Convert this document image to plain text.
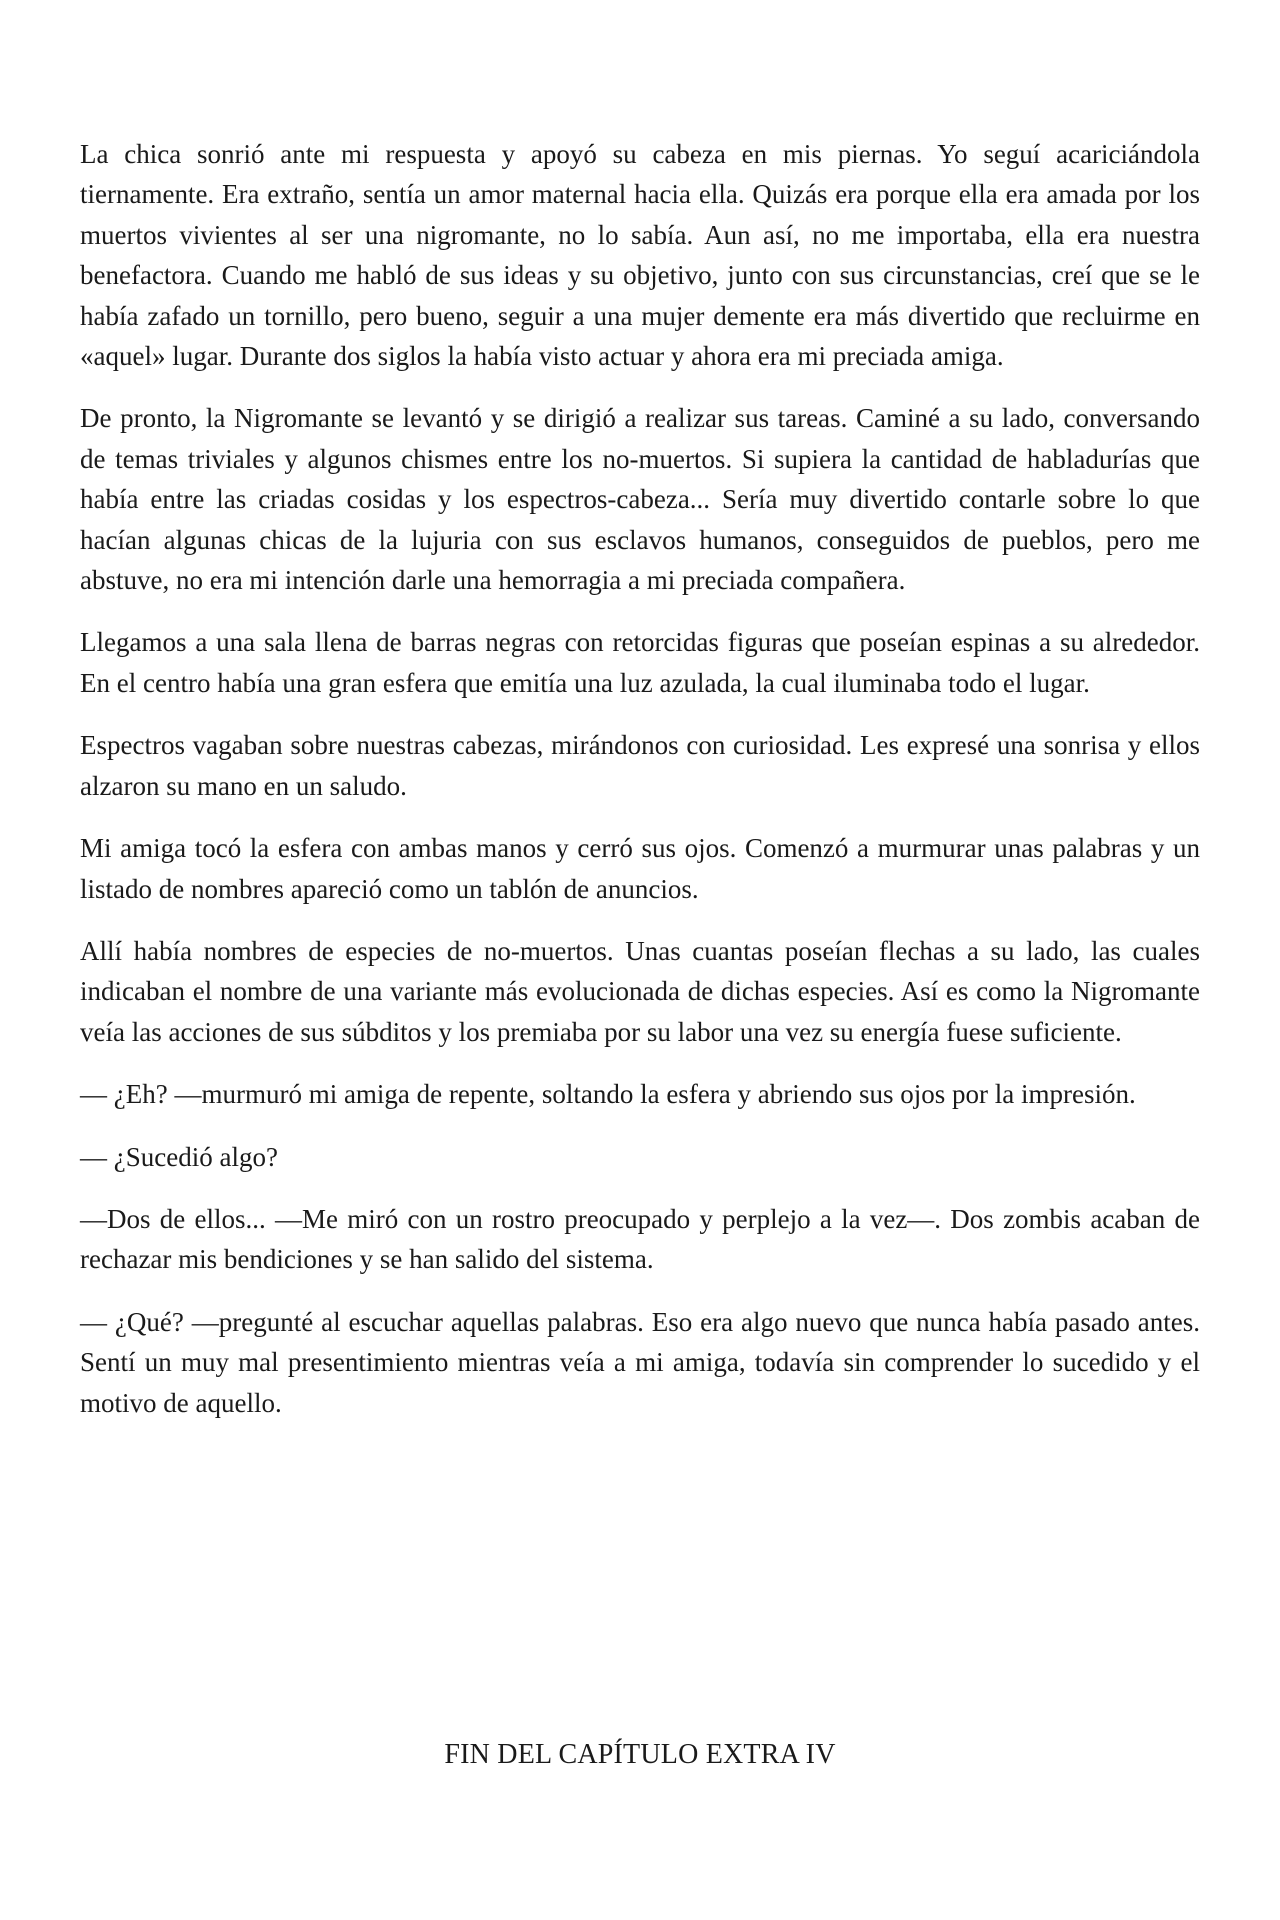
La chica sonrió ante mi respuesta y apoyó su cabeza en mis piernas. Yo seguí acariciándola tiernamente. Era extraño, sentía un amor maternal hacia ella. Quizás era porque ella era amada por los muertos vivientes al ser una nigromante, no lo sabía. Aun así, no me importaba, ella era nuestra benefactora. Cuando me habló de sus ideas y su objetivo, junto con sus circunstancias, creí que se le había zafado un tornillo, pero bueno, seguir a una mujer demente era más divertido que recluirme en «aquel» lugar. Durante dos siglos la había visto actuar y ahora era mi preciada amiga.

De pronto, la Nigromante se levantó y se dirigió a realizar sus tareas. Caminé a su lado, conversando de temas triviales y algunos chismes entre los no-muertos. Si supiera la cantidad de habladurías que había entre las criadas cosidas y los espectros-cabeza... Sería muy divertido contarle sobre lo que hacían algunas chicas de la lujuria con sus esclavos humanos, conseguidos de pueblos, pero me abstuve, no era mi intención darle una hemorragia a mi preciada compañera.

Llegamos a una sala llena de barras negras con retorcidas figuras que poseían espinas a su alrededor. En el centro había una gran esfera que emitía una luz azulada, la cual iluminaba todo el lugar.

Espectros vagaban sobre nuestras cabezas, mirándonos con curiosidad. Les expresé una sonrisa y ellos alzaron su mano en un saludo.

Mi amiga tocó la esfera con ambas manos y cerró sus ojos. Comenzó a murmurar unas palabras y un listado de nombres apareció como un tablón de anuncios.

Allí había nombres de especies de no-muertos. Unas cuantas poseían flechas a su lado, las cuales indicaban el nombre de una variante más evolucionada de dichas especies. Así es como la Nigromante veía las acciones de sus súbditos y los premiaba por su labor una vez su energía fuese suficiente.

— ¿Eh? —murmuró mi amiga de repente, soltando la esfera y abriendo sus ojos por la impresión.

— ¿Sucedió algo?

—Dos de ellos... —Me miró con un rostro preocupado y perplejo a la vez—. Dos zombis acaban de rechazar mis bendiciones y se han salido del sistema.

— ¿Qué? —pregunté al escuchar aquellas palabras. Eso era algo nuevo que nunca había pasado antes. Sentí un muy mal presentimiento mientras veía a mi amiga, todavía sin comprender lo sucedido y el motivo de aquello.

FIN DEL CAPÍTULO EXTRA IV
